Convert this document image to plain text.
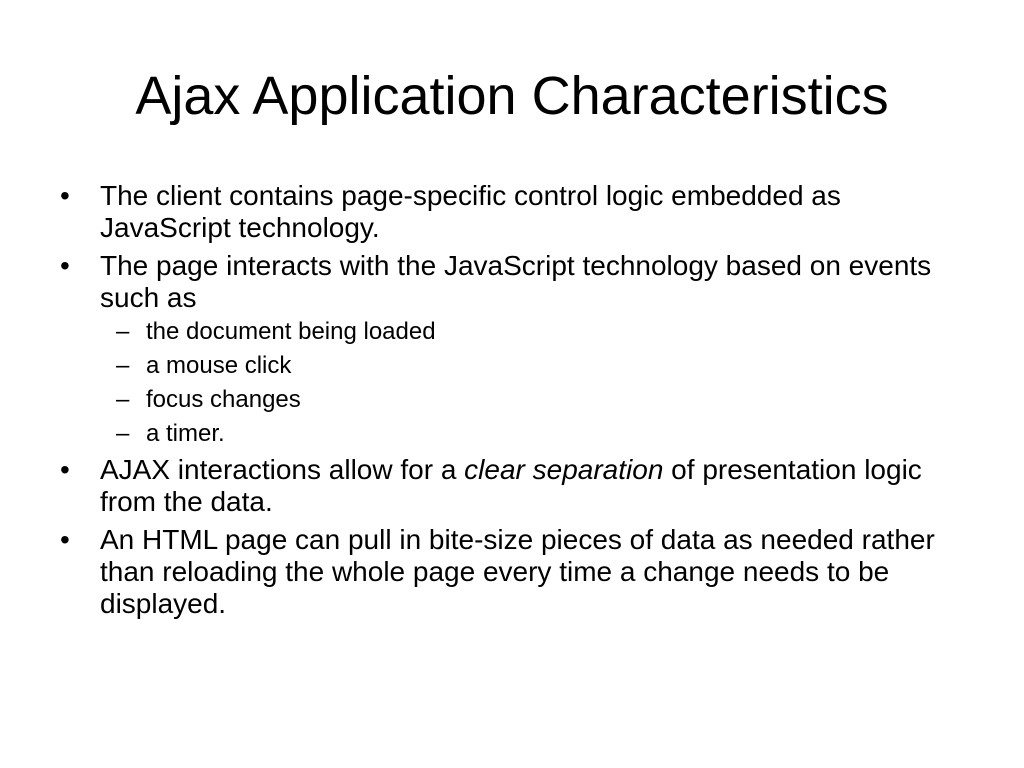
Ajax Application Characteristics
•	The client contains page-specific control logic embedded as JavaScript technology.
•	The page interacts with the JavaScript technology based on events such as
– the document being loaded
– a mouse click
– focus changes
– a timer.
•	AJAX interactions allow for a clear separation of presentation logic from the data.
•	An HTML page can pull in bite-size pieces of data as needed rather than reloading the whole page every time a change needs to be displayed.
